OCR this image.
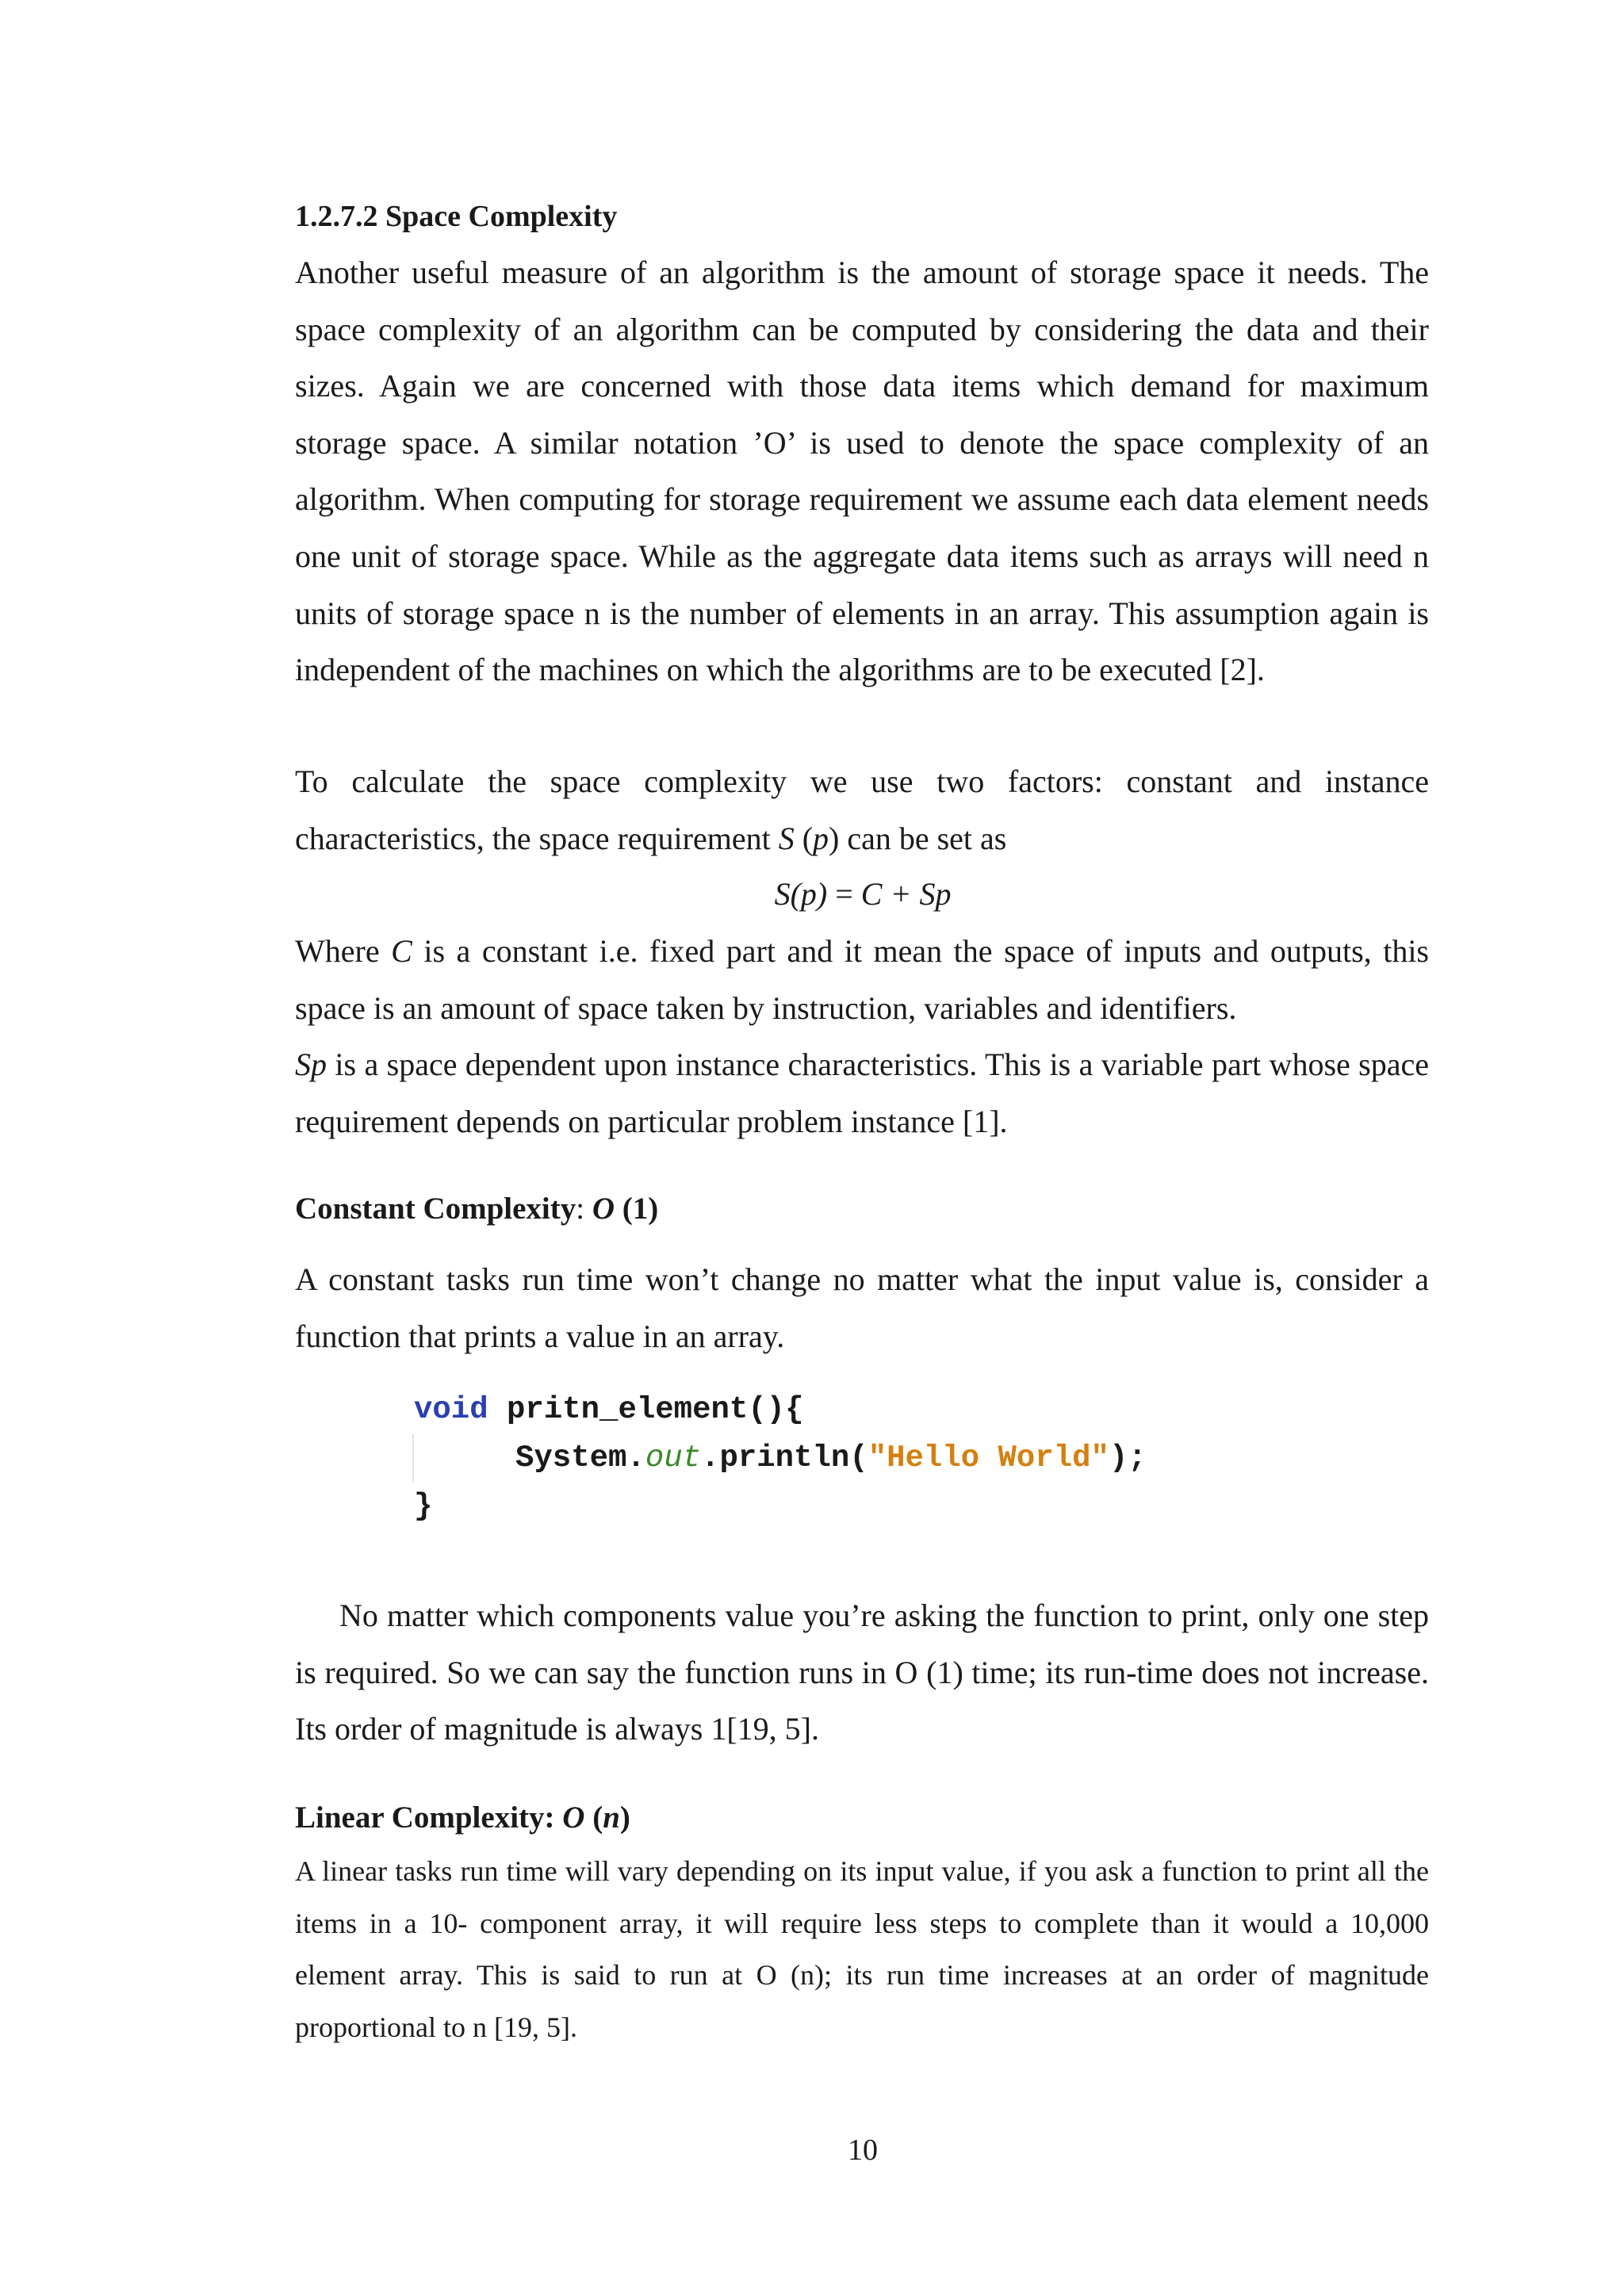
1.2.7.2 Space Complexity

Another useful measure of an algorithm is the amount of storage space it needs. The space complexity of an algorithm can be computed by considering the data and their sizes. Again we are concerned with those data items which demand for maximum storage space. A similar notation ’O’ is used to denote the space complexity of an algorithm. When computing for storage requirement we assume each data element needs one unit of storage space. While as the aggregate data items such as arrays will need n units of storage space n is the number of elements in an array. This assumption again is independent of the machines on which the algorithms are to be executed [2].

To calculate the space complexity we use two factors: constant and instance characteristics, the space requirement S (p) can be set as

S(p) = C + Sp

Where C is a constant i.e. fixed part and it mean the space of inputs and outputs, this space is an amount of space taken by instruction, variables and identifiers.
Sp is a space dependent upon instance characteristics. This is a variable part whose space requirement depends on particular problem instance [1].

Constant Complexity: O (1)

A constant tasks run time won’t change no matter what the input value is, consider a function that prints a value in an array.

void pritn_element(){
System.out.println("Hello World");
}

No matter which components value you’re asking the function to print, only one step is required. So we can say the function runs in O (1) time; its run-time does not increase. Its order of magnitude is always 1[19, 5].

Linear Complexity: O (n)

A linear tasks run time will vary depending on its input value, if you ask a function to print all the items in a 10- component array, it will require less steps to complete than it would a 10,000 element array. This is said to run at O (n); its run time increases at an order of magnitude proportional to n [19, 5].

10
